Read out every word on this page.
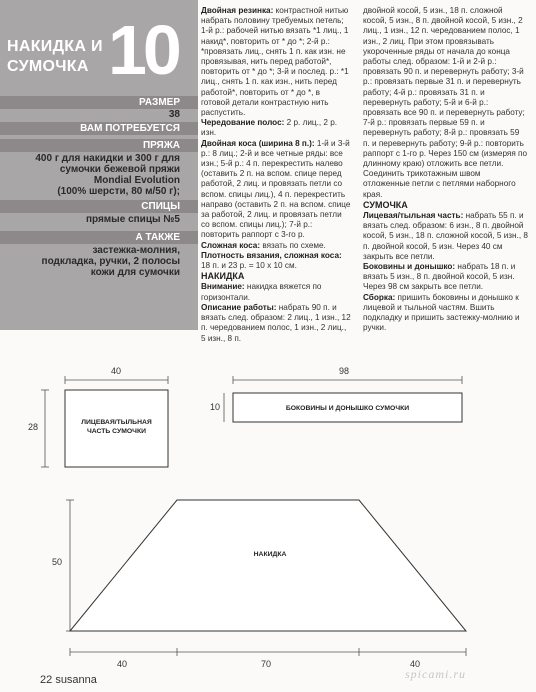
НАКИДКА И
СУМОЧКА 10
РАЗМЕР
38
ВАМ ПОТРЕБУЕТСЯ
ПРЯЖА
400 г для накидки и 300 г для
сумочки бежевой пряжи
Mondial Evolution
(100% шерсти, 80 м/50 г);
СПИЦЫ
прямые спицы №5
А ТАКЖЕ
застежка-молния,
подкладка, ручки, 2 полосы
кожи для сумочки

Двойная резинка: контрастной нитью набрать половину требуемых петель; 1-й р.: рабочей нитью вязать *1 лиц., 1 накид*, повторить от * до *; 2-й р.: *провязать лиц., снять 1 п. как изн. не провязывая, нить перед работой*, повторить от * до *; 3-й и послед. р.: *1 лиц., снять 1 п. как изн., нить перед работой*, повторить от * до *, в готовой детали контрастную нить распустить.

Чередование полос: 2 р. лиц., 2 р. изн.

Двойная коса (ширина 8 п.): 1-й и 3-й р.: 8 лиц.; 2-й и все четные ряды: все изн.; 5-й р.: 4 п. перекрестить налево (оставить 2 п. на вспом. спице перед работой, 2 лиц. и провязать петли со вспом. спицы лиц.), 4 п. перекрестить направо (оставить 2 п. на вспом. спице за работой, 2 лиц. и провязать петли со вспом. спицы лиц.); 7-й р.: повторить раппорт с 3-го р.

Сложная коса: вязать по схеме.

Плотность вязания, сложная коса: 18 п. и 23 р. = 10 х 10 см.

НАКИДКА

Внимание: накидка вяжется по горизонтали.

Описание работы: набрать 90 п. и вязать след. образом: 2 лиц., 1 изн., 12 п. чередованием полос, 1 изн., 2 лиц., 5 изн., 8 п.

двойной косой, 5 изн., 18 п. сложной косой, 5 изн., 8 п. двойной косой, 5 изн., 2 лиц., 1 изн., 12 п. чередованием полос, 1 изн., 2 лиц. При этом провязывать укороченные ряды от начала до конца работы след. образом: 1-й и 2-й р.: провязать 90 п. и перевернуть работу; 3-й р.: провязать первые 31 п. и перевернуть работу; 4-й р.: провязать 31 п. и перевернуть работу; 5-й и 6-й р.: провязать все 90 п. и перевернуть работу; 7-й р.: провязать первые 59 п. и перевернуть работу; 8-й р.: провязать 59 п. и перевернуть работу; 9-й р.: повторить раппорт с 1-го р. Через 150 см (измеряя по длинному краю) отложить все петли. Соединить трикотажным швом отложенные петли с петлями наборного края.

СУМОЧКА

Лицевая/тыльная часть: набрать 55 п. и вязать след. образом: 6 изн., 8 п. двойной косой, 5 изн., 18 п. сложной косой, 5 изн., 8 п. двойной косой, 5 изн. Через 40 см закрыть все петли.

Боковины и донышко: набрать 18 п. и вязать 5 изн., 8 п. двойной косой, 5 изн. Через 98 см закрыть все петли.

Сборка: пришить боковины и донышко к лицевой и тыльной частям. Вшить подкладку и пришить застежку-молнию и ручки.

40
28	ЛИЦЕВАЯ/ТЫЛЬНАЯ
ЧАСТЬ СУМОЧКИ
98
10	БОКОВИНЫ И ДОНЫШКО СУМОЧКИ
50
НАКИДКА
40	70	40
22 susanna	spicami.ru
